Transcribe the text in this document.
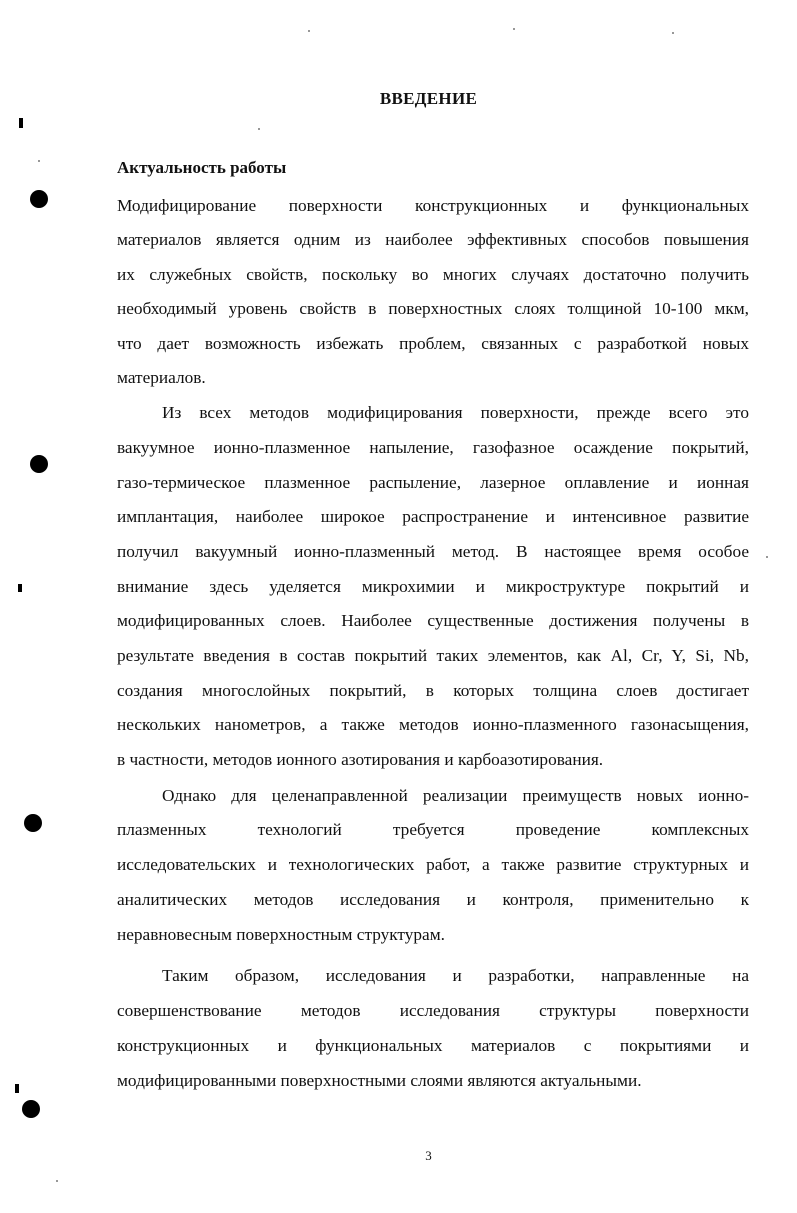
ВВЕДЕНИЕ
Актуальность работы
Модифицирование поверхности конструкционных и функциональных
материалов является одним из наиболее эффективных способов повышения
их служебных свойств, поскольку во многих случаях достаточно получить
необходимый уровень свойств в поверхностных слоях толщиной 10-100 мкм,
что дает возможность избежать проблем, связанных с разработкой новых
материалов.
Из всех методов модифицирования поверхности, прежде всего это
вакуумное ионно-плазменное напыление, газофазное осаждение покрытий,
газо-термическое плазменное распыление, лазерное оплавление и ионная
имплантация, наиболее широкое распространение и интенсивное развитие
получил вакуумный ионно-плазменный метод. В настоящее время особое
внимание здесь уделяется микрохимии и микроструктуре покрытий и
модифицированных слоев. Наиболее существенные достижения получены в
результате введения в состав покрытий таких элементов, как Al, Cr, Y, Si, Nb,
создания многослойных покрытий, в которых толщина слоев достигает
нескольких нанометров, а также методов ионно-плазменного газонасыщения,
в частности, методов ионного азотирования и карбоазотирования.
Однако для целенаправленной реализации преимуществ новых ионно-
плазменных технологий требуется проведение комплексных
исследовательских и технологических работ, а также развитие структурных и
аналитических методов исследования и контроля, применительно к
неравновесным поверхностным структурам.
Таким образом, исследования и разработки, направленные на
совершенствование методов исследования структуры поверхности
конструкционных и функциональных материалов с покрытиями и
модифицированными поверхностными слоями являются актуальными.
3
